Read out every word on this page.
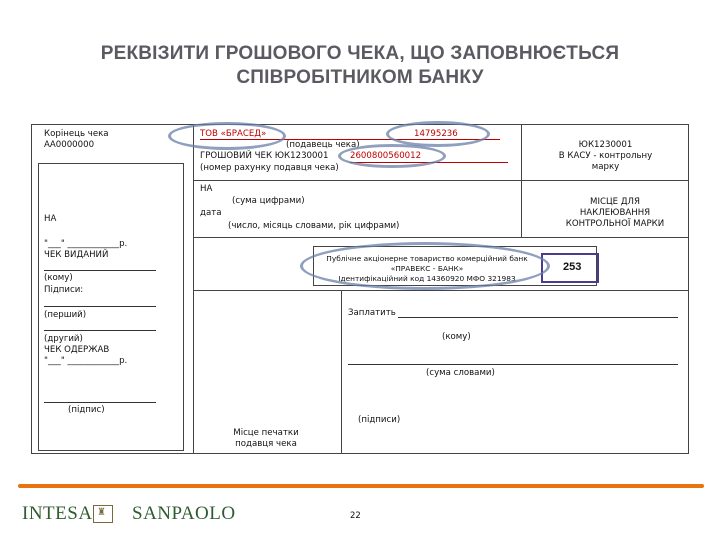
РЕКВІЗИТИ ГРОШОВОГО ЧЕКА, ЩО ЗАПОВНЮЄТЬСЯ
СПІВРОБІТНИКОМ БАНКУ
Корінець чека
АА0000000
НА
"___" ____________р.
ЧЕК ВИДАНИЙ
(кому)
Підписи:
(перший)
(другий)
ЧЕК ОДЕРЖАВ
"___" ____________р.
(підпис)
ТОВ «БРАСЕД»	14795236
(подавець чека)
ГРОШОВИЙ ЧЕК ЮК1230001	2600800560012
(номер рахунку подавця чека)
ЮК1230001
В КАСУ - контрольну
марку
НА
(сума цифрами)
дата
(число, місяць словами, рік цифрами)
МІСЦЕ ДЛЯ
НАКЛЕЮВАННЯ
КОНТРОЛЬНОЇ МАРКИ
Публічне акціонерне товариство комерційний банк
«ПРАВЕКС - БАНК»
Ідентифікаційний код 14360920 МФО 321983
253
Заплатить
(кому)
(сума словами)
(підписи)
Місце печатки
подавця чека
INTESA SANPAOLO
♜	22
